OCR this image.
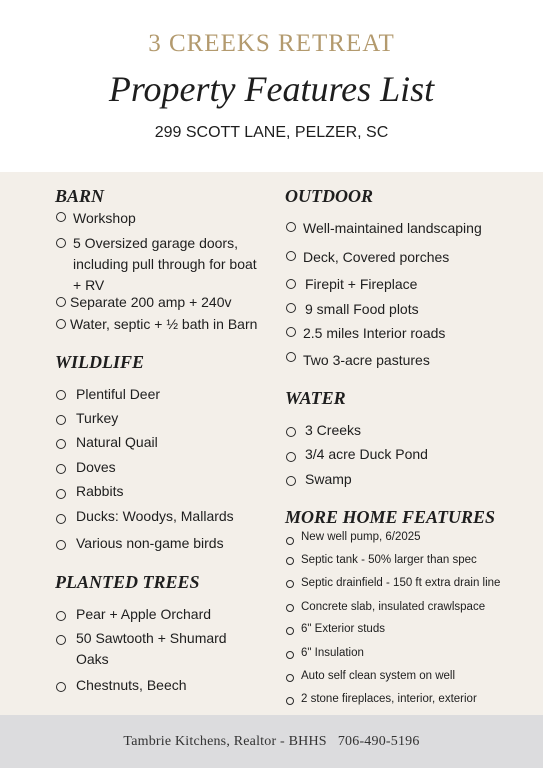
3 CREEKS RETREAT
Property Features List
299 SCOTT LANE, PELZER, SC
BARN
Workshop
5 Oversized garage doors, including pull through for boat + RV
Separate 200 amp + 240v
Water, septic + ½ bath in Barn
WILDLIFE
Plentiful Deer
Turkey
Natural Quail
Doves
Rabbits
Ducks: Woodys, Mallards
Various non-game birds
PLANTED TREES
Pear + Apple Orchard
50 Sawtooth + Shumard Oaks
Chestnuts, Beech
OUTDOOR
Well-maintained landscaping
Deck, Covered porches
Firepit + Fireplace
9 small Food plots
2.5 miles Interior roads
Two 3-acre pastures
WATER
3 Creeks
3/4 acre Duck Pond
Swamp
MORE HOME FEATURES
New well pump, 6/2025
Septic tank - 50% larger than spec
Septic drainfield - 150 ft extra drain line
Concrete slab, insulated crawlspace
6" Exterior studs
6" Insulation
Auto self clean system on well
2 stone fireplaces, interior, exterior
Tambrie Kitchens, Realtor - BHHS   706-490-5196
